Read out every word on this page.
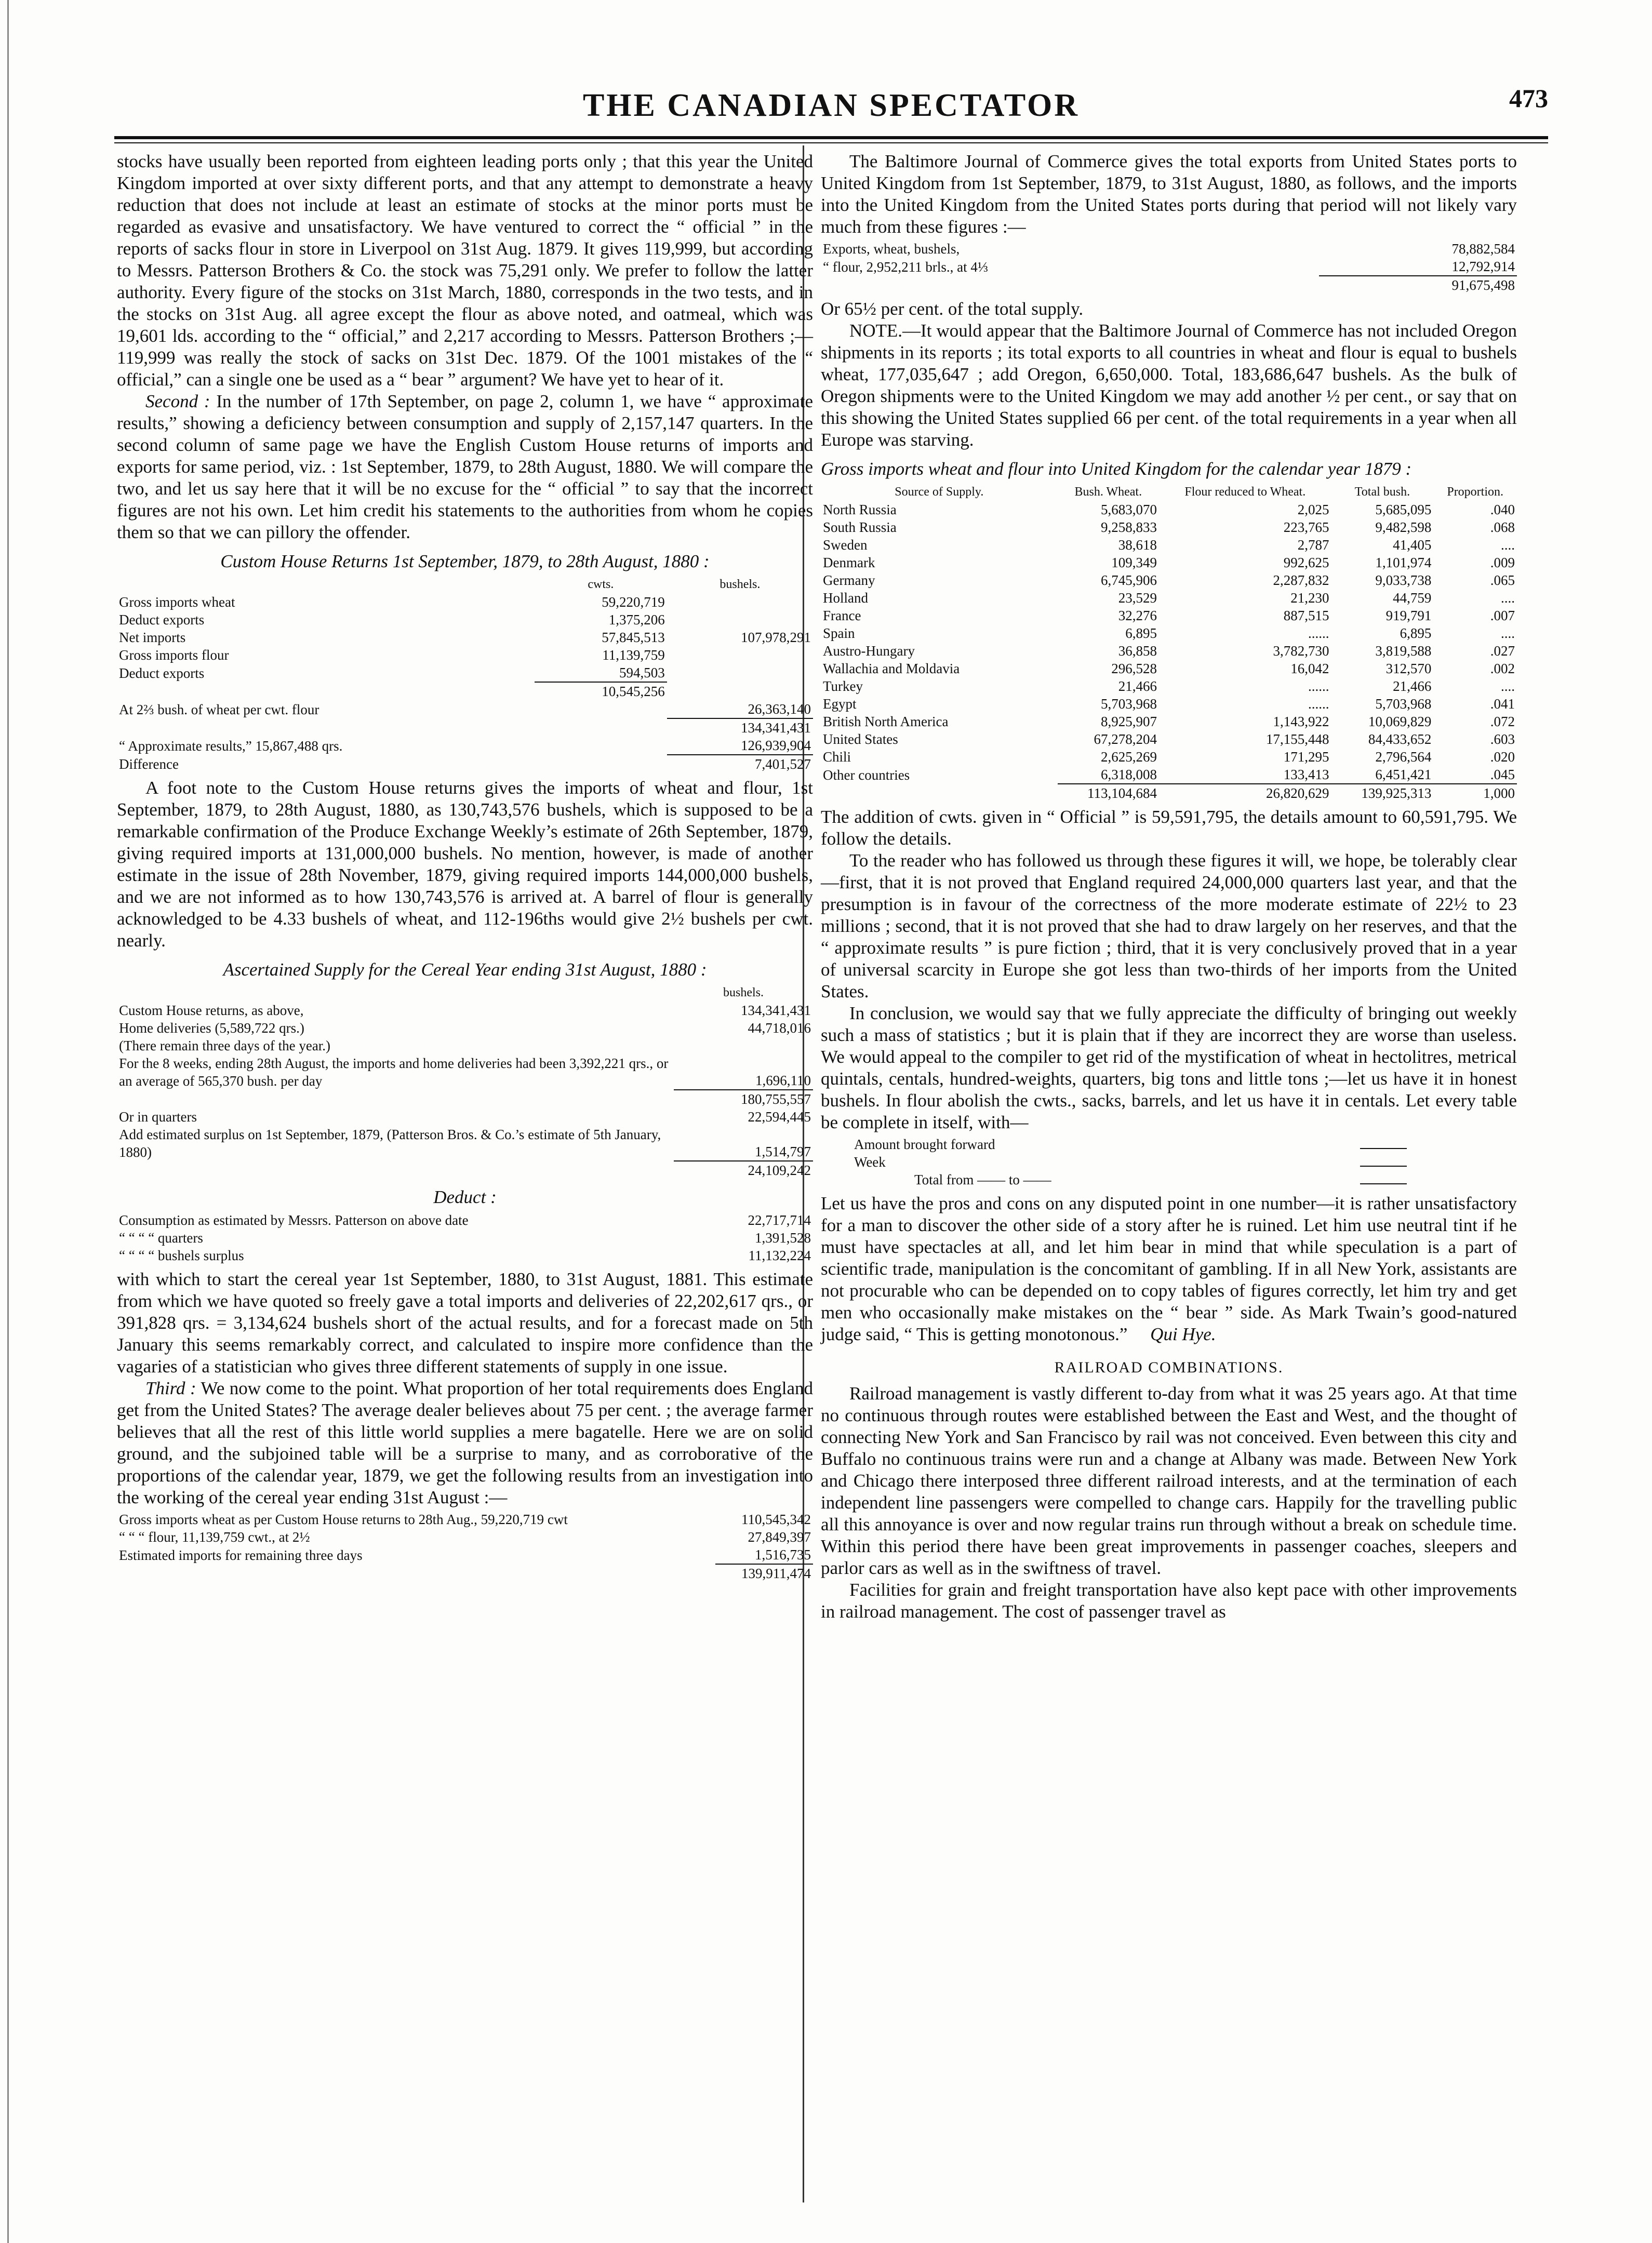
THE CANADIAN SPECTATOR	473

stocks have usually been reported from eighteen leading ports only ; that this year the United Kingdom imported at over sixty different ports, and that any attempt to demonstrate a heavy reduction that does not include at least an estimate of stocks at the minor ports must be regarded as evasive and unsatisfactory. We have ventured to correct the “ official ” in the reports of sacks flour in store in Liverpool on 31st Aug. 1879. It gives 119,999, but according to Messrs. Patterson Brothers & Co. the stock was 75,291 only. We prefer to follow the latter authority. Every figure of the stocks on 31st March, 1880, corresponds in the two tests, and in the stocks on 31st Aug. all agree except the flour as above noted, and oatmeal, which was 19,601 lds. according to the “ official,” and 2,217 according to Messrs. Patterson Brothers ;—119,999 was really the stock of sacks on 31st Dec. 1879. Of the 1001 mistakes of the “ official,” can a single one be used as a “ bear ” argument? We have yet to hear of it.

Second : In the number of 17th September, on page 2, column 1, we have “ approximate results,” showing a deficiency between consumption and supply of 2,157,147 quarters. In the second column of same page we have the English Custom House returns of imports and exports for same period, viz. : 1st September, 1879, to 28th August, 1880. We will compare the two, and let us say here that it will be no excuse for the “ official ” to say that the incorrect figures are not his own. Let him credit his statements to the authorities from whom he copies them so that we can pillory the offender.

Custom House Returns 1st September, 1879, to 28th August, 1880 :
	cwts.	bushels.
Gross imports wheat	59,220,719	
Deduct exports	1,375,206	
Net imports	57,845,513	107,978,291
Gross imports flour	11,139,759	
Deduct exports	594,503	
	10,545,256	
At 2⅔ bush. of wheat per cwt. flour		26,363,140
		134,341,431
“ Approximate results,” 15,867,488 qrs.		126,939,904
Difference		7,401,527

A foot note to the Custom House returns gives the imports of wheat and flour, 1st September, 1879, to 28th August, 1880, as 130,743,576 bushels, which is supposed to be a remarkable confirmation of the Produce Exchange Weekly’s estimate of 26th September, 1879, giving required imports at 131,000,000 bushels. No mention, however, is made of another estimate in the issue of 28th November, 1879, giving required imports 144,000,000 bushels, and we are not informed as to how 130,743,576 is arrived at. A barrel of flour is generally acknowledged to be 4.33 bushels of wheat, and 112-196ths would give 2½ bushels per cwt. nearly.

Ascertained Supply for the Cereal Year ending 31st August, 1880 :
	bushels.
Custom House returns, as above,	134,341,431
Home deliveries (5,589,722 qrs.)	44,718,016
(There remain three days of the year.)	
For the 8 weeks, ending 28th August, the imports and home deliveries had been 3,392,221 qrs., or an average of 565,370 bush. per day	1,696,110
	180,755,557
Or in quarters	22,594,445
Add estimated surplus on 1st September, 1879, (Patterson Bros. & Co.’s estimate of 5th January, 1880)	1,514,797
	24,109,242
Deduct :
Consumption as estimated by Messrs. Patterson on above date	22,717,714
“ “ “ “ quarters	1,391,528
“ “ “ “ bushels surplus	11,132,224

with which to start the cereal year 1st September, 1880, to 31st August, 1881. This estimate from which we have quoted so freely gave a total imports and deliveries of 22,202,617 qrs., or 391,828 qrs. = 3,134,624 bushels short of the actual results, and for a forecast made on 5th January this seems remarkably correct, and calculated to inspire more confidence than the vagaries of a statistician who gives three different statements of supply in one issue.

Third : We now come to the point. What proportion of her total requirements does England get from the United States? The average dealer believes about 75 per cent. ; the average farmer believes that all the rest of this little world supplies a mere bagatelle. Here we are on solid ground, and the subjoined table will be a surprise to many, and as corroborative of the proportions of the calendar year, 1879, we get the following results from an investigation into the working of the cereal year ending 31st August :—

Gross imports wheat as per Custom House returns to 28th Aug., 59,220,719 cwt	110,545,342
“ “ “ flour, 11,139,759 cwt., at 2½	27,849,397
Estimated imports for remaining three days	1,516,735
	139,911,474

The Baltimore Journal of Commerce gives the total exports from United States ports to United Kingdom from 1st September, 1879, to 31st August, 1880, as follows, and the imports into the United Kingdom from the United States ports during that period will not likely vary much from these figures :—

Exports, wheat, bushels,	78,882,584
“ flour, 2,952,211 brls., at 4⅓	12,792,914
	91,675,498

Or 65½ per cent. of the total supply.

NOTE.—It would appear that the Baltimore Journal of Commerce has not included Oregon shipments in its reports ; its total exports to all countries in wheat and flour is equal to bushels wheat, 177,035,647 ; add Oregon, 6,650,000. Total, 183,686,647 bushels. As the bulk of Oregon shipments were to the United Kingdom we may add another ½ per cent., or say that on this showing the United States supplied 66 per cent. of the total requirements in a year when all Europe was starving.

Gross imports wheat and flour into United Kingdom for the calendar year 1879 :
Source of Supply.	Bush. Wheat.	Flour reduced to Wheat.	Total bush.	Proportion.
North Russia	5,683,070	2,025	5,685,095	.040
South Russia	9,258,833	223,765	9,482,598	.068
Sweden	38,618	2,787	41,405	....
Denmark	109,349	992,625	1,101,974	.009
Germany	6,745,906	2,287,832	9,033,738	.065
Holland	23,529	21,230	44,759	....
France	32,276	887,515	919,791	.007
Spain	6,895	......	6,895	....
Austro-Hungary	36,858	3,782,730	3,819,588	.027
Wallachia and Moldavia	296,528	16,042	312,570	.002
Turkey	21,466	......	21,466	....
Egypt	5,703,968	......	5,703,968	.041
British North America	8,925,907	1,143,922	10,069,829	.072
United States	67,278,204	17,155,448	84,433,652	.603
Chili	2,625,269	171,295	2,796,564	.020
Other countries	6,318,008	133,413	6,451,421	.045
	113,104,684	26,820,629	139,925,313	1,000

The addition of cwts. given in “ Official ” is 59,591,795, the details amount to 60,591,795. We follow the details.

To the reader who has followed us through these figures it will, we hope, be tolerably clear—first, that it is not proved that England required 24,000,000 quarters last year, and that the presumption is in favour of the correctness of the more moderate estimate of 22½ to 23 millions ; second, that it is not proved that she had to draw largely on her reserves, and that the “ approximate results ” is pure fiction ; third, that it is very conclusively proved that in a year of universal scarcity in Europe she got less than two-thirds of her imports from the United States.

In conclusion, we would say that we fully appreciate the difficulty of bringing out weekly such a mass of statistics ; but it is plain that if they are incorrect they are worse than useless. We would appeal to the compiler to get rid of the mystification of wheat in hectolitres, metrical quintals, centals, hundred-weights, quarters, big tons and little tons ;—let us have it in honest bushels. In flour abolish the cwts., sacks, barrels, and let us have it in centals. Let every table be complete in itself, with—

Amount brought forward	
Week	
Total from —— to ——	

Let us have the pros and cons on any disputed point in one number—it is rather unsatisfactory for a man to discover the other side of a story after he is ruined. Let him use neutral tint if he must have spectacles at all, and let him bear in mind that while speculation is a part of scientific trade, manipulation is the concomitant of gambling. If in all New York, assistants are not procurable who can be depended on to copy tables of figures correctly, let him try and get men who occasionally make mistakes on the “ bear ” side. As Mark Twain’s good-natured judge said, “ This is getting monotonous.” Qui Hye.

RAILROAD COMBINATIONS.

Railroad management is vastly different to-day from what it was 25 years ago. At that time no continuous through routes were established between the East and West, and the thought of connecting New York and San Francisco by rail was not conceived. Even between this city and Buffalo no continuous trains were run and a change at Albany was made. Between New York and Chicago there interposed three different railroad interests, and at the termination of each independent line passengers were compelled to change cars. Happily for the travelling public all this annoyance is over and now regular trains run through without a break on schedule time. Within this period there have been great improvements in passenger coaches, sleepers and parlor cars as well as in the swiftness of travel.

Facilities for grain and freight transportation have also kept pace with other improvements in railroad management. The cost of passenger travel as
